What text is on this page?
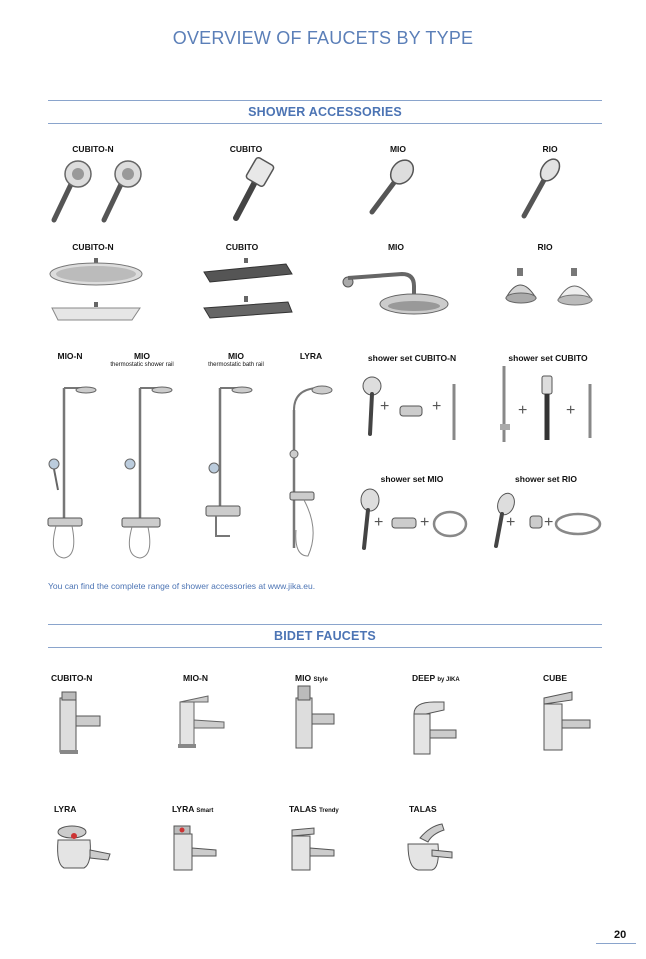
OVERVIEW OF FAUCETS BY TYPE
SHOWER ACCESSORIES
CUBITO-N	CUBITO	MIO	RIO
CUBITO-N	CUBITO	MIO	RIO
MIO-N	MIO
thermostatic shower rail
MIO
thermostatic bath rail
LYRA	shower set CUBITO-N	shower set CUBITO
shower set MIO	shower set RIO
+	+	+ +
+ +	+ +
You can find the complete range of shower accessories at www.jika.eu.
BIDET FAUCETS
CUBITO-N	MIO-N	MIO Style	DEEP by JIKA	CUBE
LYRA	LYRA Smart	TALAS Trendy	TALAS
20
